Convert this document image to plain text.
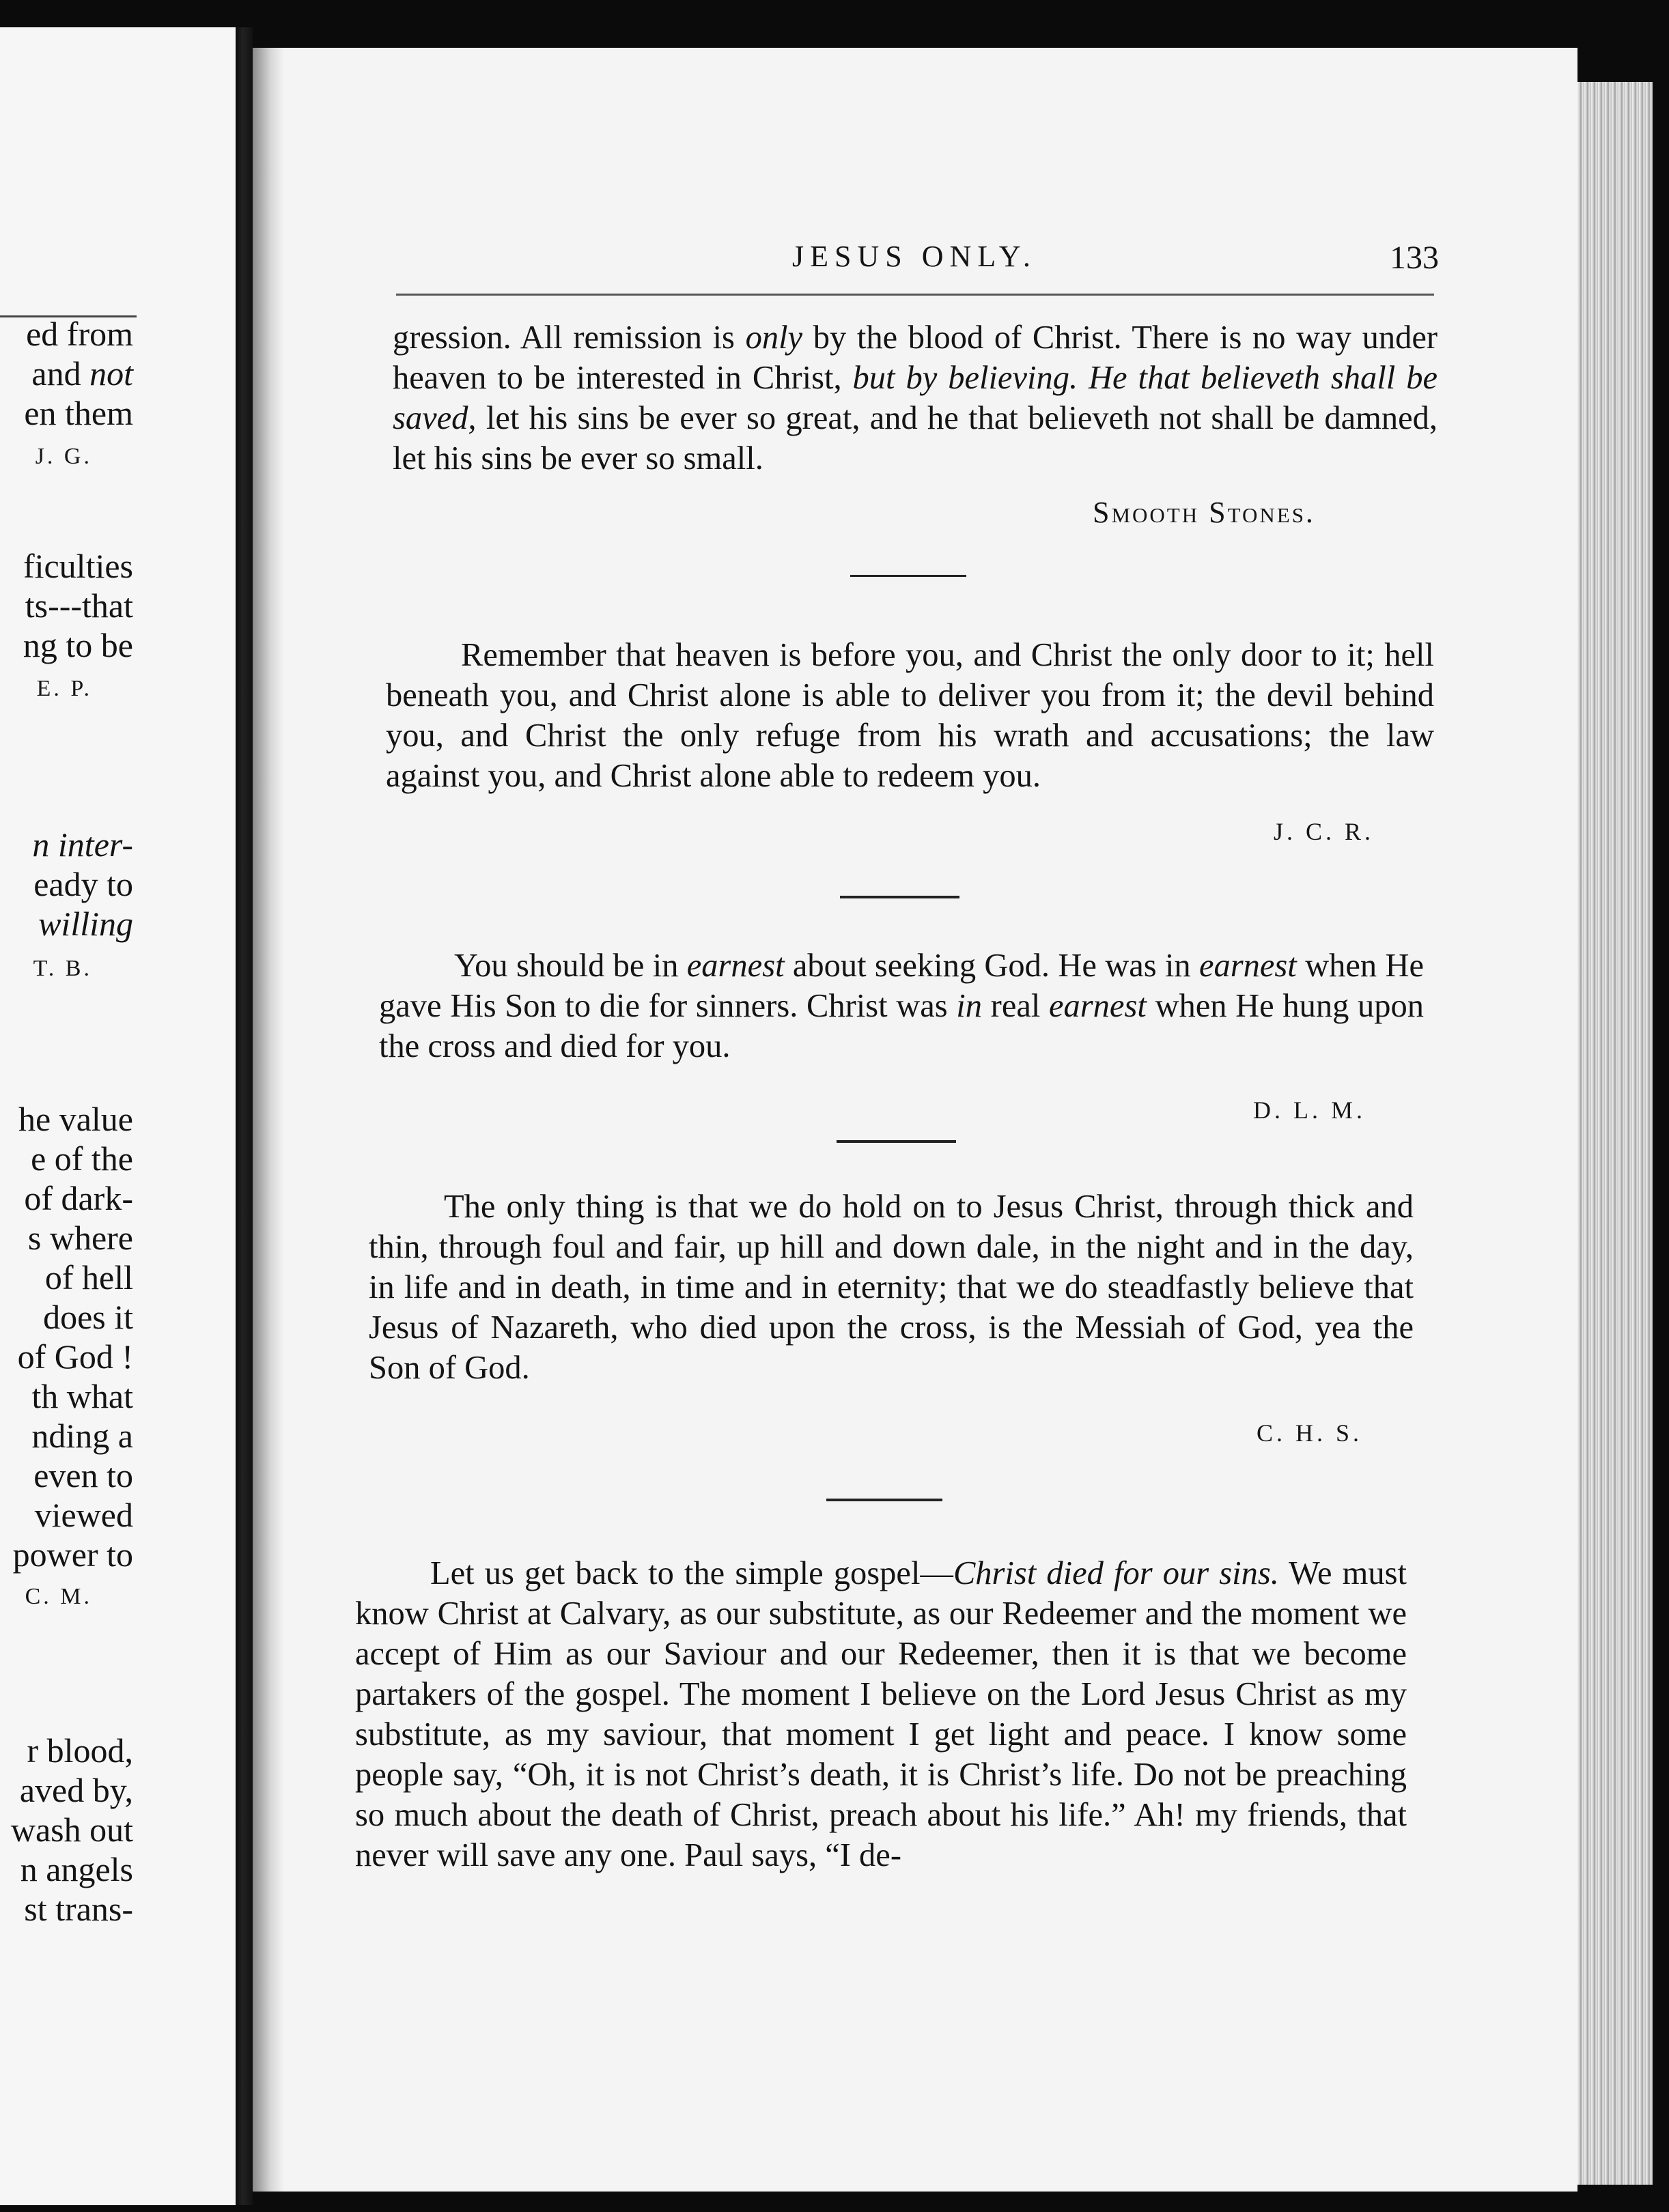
ed from
and not
en them
ficulties
ts---that
ng to be
n inter-
eady to
willing
he value
e of the
of dark-
s where
of hell
does it
of God !
th what
nding a
even to
viewed
power to
r blood,
aved by,
wash out
n angels
st trans-
J. G.
E. P.
T. B.
C. M.
JESUS ONLY.	133
gression. All remission is only by the blood of Christ. There is no way under heaven to be interested in Christ, but by believing. He that believeth shall be saved, let his sins be ever so great, and he that believeth not shall be damned, let his sins be ever so small.
Smooth Stones.
Remember that heaven is before you, and Christ the only door to it; hell beneath you, and Christ alone is able to deliver you from it; the devil behind you, and Christ the only refuge from his wrath and accusations; the law against you, and Christ alone able to redeem you.
J. C. R.
You should be in earnest about seeking God. He was in earnest when He gave His Son to die for sinners. Christ was in real earnest when He hung upon the cross and died for you.
D. L. M.
The only thing is that we do hold on to Jesus Christ, through thick and thin, through foul and fair, up hill and down dale, in the night and in the day, in life and in death, in time and in eternity; that we do steadfastly believe that Jesus of Nazareth, who died upon the cross, is the Messiah of God, yea the Son of God.
C. H. S.
Let us get back to the simple gospel—Christ died for our sins. We must know Christ at Calvary, as our substitute, as our Redeemer and the moment we accept of Him as our Saviour and our Redeemer, then it is that we become partakers of the gospel. The moment I believe on the Lord Jesus Christ as my substitute, as my saviour, that moment I get light and peace. I know some people say, “Oh, it is not Christ’s death, it is Christ’s life. Do not be preaching so much about the death of Christ, preach about his life.” Ah! my friends, that never will save any one. Paul says, “I de-
